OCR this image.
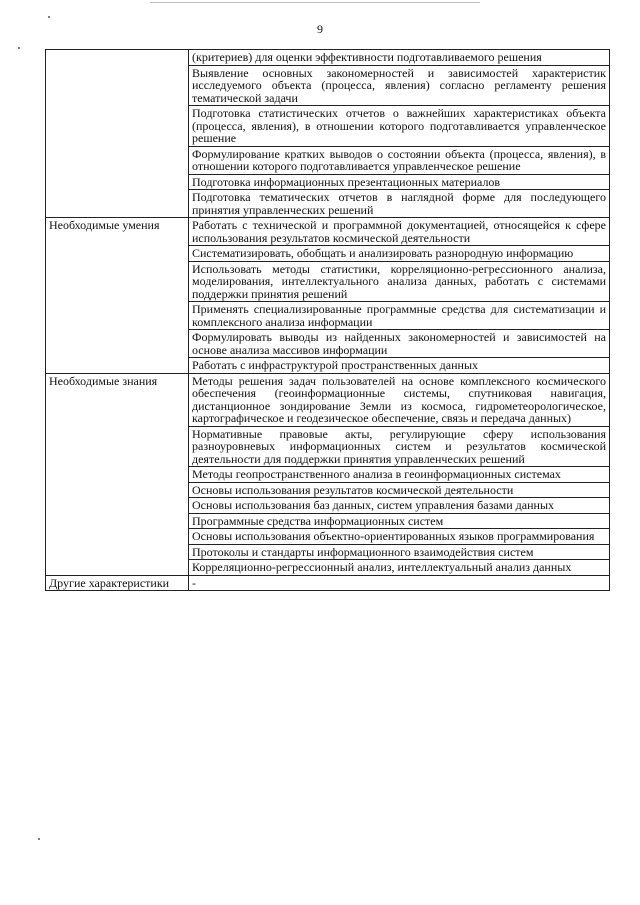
9
	(критериев) для оценки эффективности подготавливаемого решения
	Выявление основных закономерностей и зависимостей характеристик исследуемого объекта (процесса, явления) согласно регламенту решения тематической задачи
	Подготовка статистических отчетов о важнейших характеристиках объекта (процесса, явления), в отношении которого подготавливается управленческое решение
	Формулирование кратких выводов о состоянии объекта (процесса, явления), в отношении которого подготавливается управленческое решение
	Подготовка информационных презентационных материалов
	Подготовка тематических отчетов в наглядной форме для последующего принятия управленческих решений
Необходимые умения	Работать с технической и программной документацией, относящейся к сфере использования результатов космической деятельности
	Систематизировать, обобщать и анализировать разнородную информацию
	Использовать методы статистики, корреляционно-регрессионного анализа, моделирования, интеллектуального анализа данных, работать с системами поддержки принятия решений
	Применять специализированные программные средства для систематизации и комплексного анализа информации
	Формулировать выводы из найденных закономерностей и зависимостей на основе анализа массивов информации
	Работать с инфраструктурой пространственных данных
Необходимые знания	Методы решения задач пользователей на основе комплексного космического обеспечения (геоинформационные системы, спутниковая навигация, дистанционное зондирование Земли из космоса, гидрометеорологическое, картографическое и геодезическое обеспечение, связь и передача данных)
	Нормативные правовые акты, регулирующие сферу использования разноуровневых информационных систем и результатов космической деятельности для поддержки принятия управленческих решений
	Методы геопространственного анализа в геоинформационных системах
	Основы использования результатов космической деятельности
	Основы использования баз данных, систем управления базами данных
	Программные средства информационных систем
	Основы использования объектно-ориентированных языков программирования
	Протоколы и стандарты информационного взаимодействия систем
	Корреляционно-регрессионный анализ, интеллектуальный анализ данных
Другие характеристики	-
